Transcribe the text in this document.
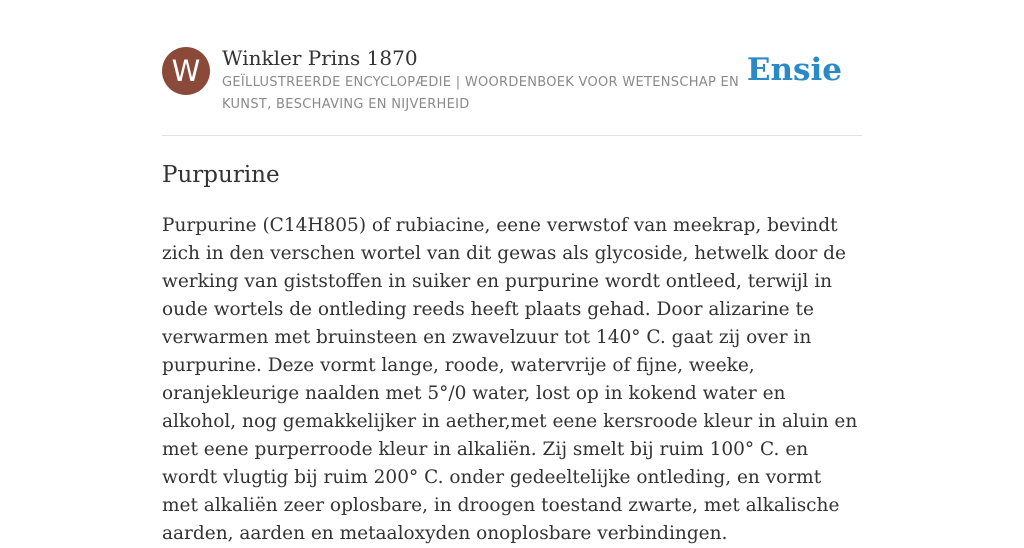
W	Winkler Prins 1870
GEÏLLUSTREERDE ENCYCLOPÆDIE | WOORDENBOEK VOOR WETENSCHAP EN KUNST, BESCHAVING EN NIJVERHEID
Ensie
Purpurine

Purpurine (C14H805) of rubiacine, eene verwstof van meekrap, bevindt zich in den verschen wortel van dit gewas als glycoside, hetwelk door de werking van giststoffen in suiker en purpurine wordt ontleed, terwijl in oude wortels de ontleding reeds heeft plaats gehad. Door alizarine te verwarmen met bruinsteen en zwavelzuur tot 140° C. gaat zij over in purpurine. Deze vormt lange, roode, watervrije of fijne, weeke, oranjekleurige naalden met 5°/0 water, lost op in kokend water en alkohol, nog gemakkelijker in aether,met eene kersroode kleur in aluin en met eene purperroode kleur in alkaliën. Zij smelt bij ruim 100° C. en wordt vlugtig bij ruim 200° C. onder gedeeltelijke ontleding, en vormt met alkaliën zeer oplosbare, in droogen toestand zwarte, met alkalische aarden, aarden en metaaloxyden onoplosbare verbindingen.
